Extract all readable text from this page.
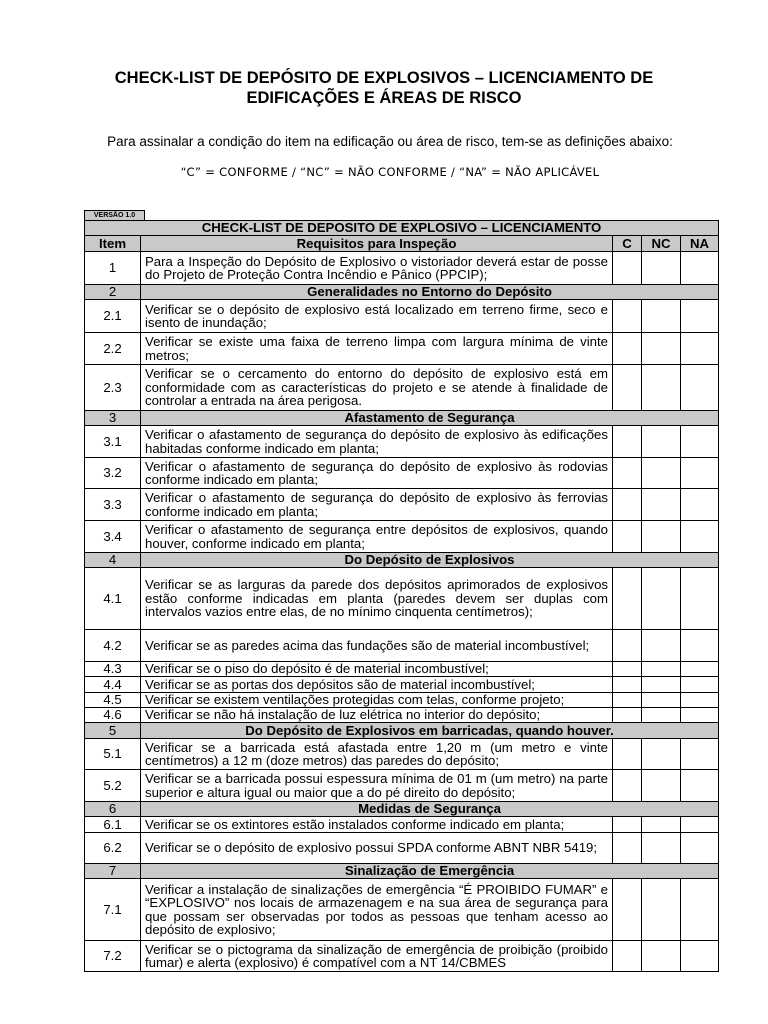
CHECK-LIST DE DEPÓSITO DE EXPLOSIVOS – LICENCIAMENTO DE
EDIFICAÇÕES E ÁREAS DE RISCO

Para assinalar a condição do item na edificação ou área de risco, tem-se as definições abaixo:

“C” = CONFORME / “NC” = NÃO CONFORME / “NA” = NÃO APLICÁVEL

VERSÃO 1.0
CHECK-LIST DE DEPOSITO DE EXPLOSIVO – LICENCIAMENTO				
Item	Requisitos para Inspeção	C	NC	NA
1	Para a Inspeção do Depósito de Explosivo o vistoriador deverá estar de posse do Projeto de Proteção Contra Incêndio e Pânico (PPCIP);			
2	Generalidades no Entorno do Depósito			
2.1	Verificar se o depósito de explosivo está localizado em terreno firme, seco e isento de inundação;			
2.2	Verificar se existe uma faixa de terreno limpa com largura mínima de vinte metros;			
2.3	Verificar se o cercamento do entorno do depósito de explosivo está em conformidade com as características do projeto e se atende à finalidade de controlar a entrada na área perigosa.			
3	Afastamento de Segurança			
3.1	Verificar o afastamento de segurança do depósito de explosivo às edificações habitadas conforme indicado em planta;			
3.2	Verificar o afastamento de segurança do depósito de explosivo às rodovias conforme indicado em planta;			
3.3	Verificar o afastamento de segurança do depósito de explosivo às ferrovias conforme indicado em planta;			
3.4	Verificar o afastamento de segurança entre depósitos de explosivos, quando houver, conforme indicado em planta;			
4	Do Depósito de Explosivos			
4.1	Verificar se as larguras da parede dos depósitos aprimorados de explosivos estão conforme indicadas em planta (paredes devem ser duplas com intervalos vazios entre elas, de no mínimo cinquenta centímetros);			
4.2	Verificar se as paredes acima das fundações são de material incombustível;			
4.3	Verificar se o piso do depósito é de material incombustível;			
4.4	Verificar se as portas dos depósitos são de material incombustível;			
4.5	Verificar se existem ventilações protegidas com telas, conforme projeto;			
4.6	Verificar se não há instalação de luz elétrica no interior do depósito;			
5	Do Depósito de Explosivos em barricadas, quando houver.			
5.1	Verificar se a barricada está afastada entre 1,20 m (um metro e vinte centímetros) a 12 m (doze metros) das paredes do depósito;			
5.2	Verificar se a barricada possui espessura mínima de 01 m (um metro) na parte superior e altura igual ou maior que a do pé direito do depósito;			
6	Medidas de Segurança			
6.1	Verificar se os extintores estão instalados conforme indicado em planta;			
6.2	Verificar se o depósito de explosivo possui SPDA conforme ABNT NBR 5419;			
7	Sinalização de Emergência			
7.1	Verificar a instalação de sinalizações de emergência “É PROIBIDO FUMAR” e “EXPLOSIVO” nos locais de armazenagem e na sua área de segurança para que possam ser observadas por todos as pessoas que tenham acesso ao depósito de explosivo;			
7.2	Verificar se o pictograma da sinalização de emergência de proibição (proibido fumar) e alerta (explosivo) é compatível com a NT 14/CBMES			
